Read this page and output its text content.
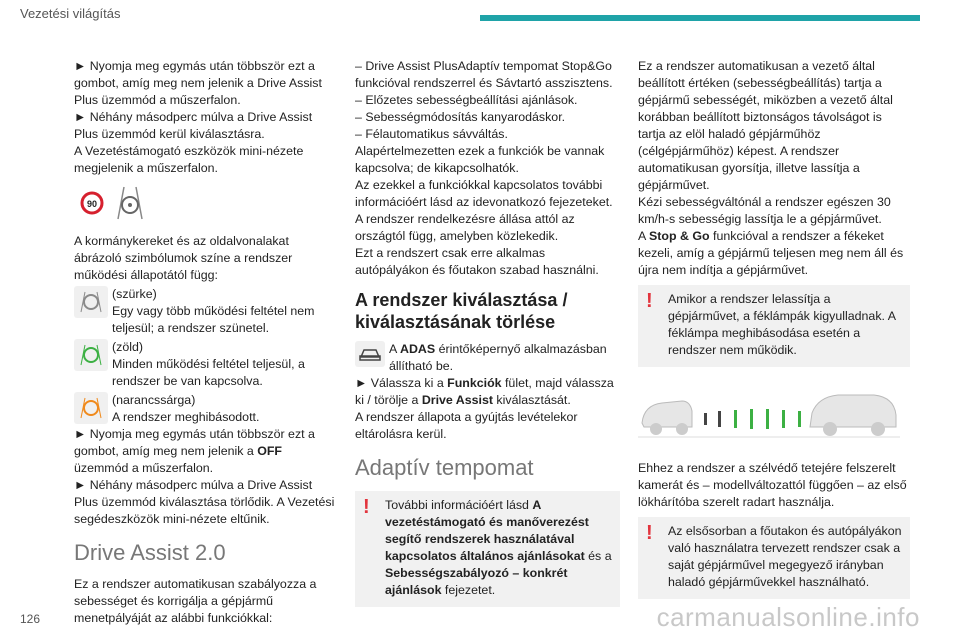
Vezetési világítás

► Nyomja meg egymás után többször ezt a gombot, amíg meg nem jelenik a Drive Assist Plus üzemmód a műszerfalon.

► Néhány másodperc múlva a Drive Assist Plus üzemmód kerül kiválasztásra.

A Vezetéstámogató eszközök mini-nézete megjelenik a műszerfalon.

90

A kormánykereket és az oldalvonalakat ábrázoló szimbólumok színe a rendszer működési állapotától függ:

(szürke)

Egy vagy több működési feltétel nem teljesül; a rendszer szünetel.

(zöld)

Minden működési feltétel teljesül, a rendszer be van kapcsolva.

(narancssárga)

A rendszer meghibásodott.

► Nyomja meg egymás után többször ezt a gombot, amíg meg nem jelenik a OFF üzemmód a műszerfalon.

► Néhány másodperc múlva a Drive Assist Plus üzemmód kiválasztása törlődik. A Vezetési segédeszközök mini-nézete eltűnik.

Drive Assist 2.0

Ez a rendszer automatikusan szabályozza a sebességet és korrigálja a gépjármű menetpályáját az alábbi funkciókkal:

– Drive Assist PlusAdaptív tempomat Stop&Go funkcióval rendszerrel és Sávtartó asszisztens.

– Előzetes sebességbeállítási ajánlások.

– Sebességmódosítás kanyarodáskor.

– Félautomatikus sávváltás.

Alapértelmezetten ezek a funkciók be vannak kapcsolva; de kikapcsolhatók.

Az ezekkel a funkciókkal kapcsolatos további információért lásd az idevonatkozó fejezeteket.

A rendszer rendelkezésre állása attól az országtól függ, amelyben közlekedik.

Ezt a rendszert csak erre alkalmas autópályákon és főutakon szabad használni.

A rendszer kiválasztása / kiválasztásának törlése

A ADAS érintőképernyő alkalmazásban állítható be.

► Válassza ki a Funkciók fület, majd válassza ki / törölje a Drive Assist kiválasztását.

A rendszer állapota a gyújtás levételekor eltárolásra kerül.

Adaptív tempomat
!	További információért lásd A vezetéstámogató és manőverezést segítő rendszerek használatával kapcsolatos általános ajánlásokat és a Sebességszabályozó – konkrét ajánlások fejezetet.

Ez a rendszer automatikusan a vezető által beállított értéken (sebességbeállítás) tartja a gépjármű sebességét, miközben a vezető által korábban beállított biztonságos távolságot is tartja az elöl haladó gépjárműhöz (célgépjárműhöz) képest. A rendszer automatikusan gyorsítja, illetve lassítja a gépjárművet.

Kézi sebességváltónál a rendszer egészen 30 km/h-s sebességig lassítja le a gépjárművet.

A Stop & Go funkcióval a rendszer a fékeket kezeli, amíg a gépjármű teljesen meg nem áll és újra nem indítja a gépjárművet.

!	Amikor a rendszer lelassítja a gépjárművet, a féklámpák kigyulladnak. A féklámpa meghibásodása esetén a rendszer nem működik.

Ehhez a rendszer a szélvédő tetejére felszerelt kamerát és – modellváltozattól függően – az első lökhárítóba szerelt radart használja.

!	Az elsősorban a főutakon és autópályákon való használatra tervezett rendszer csak a saját gépjárművel megegyező irányban haladó gépjárművekkel használható.

126	carmanualsonline.info
